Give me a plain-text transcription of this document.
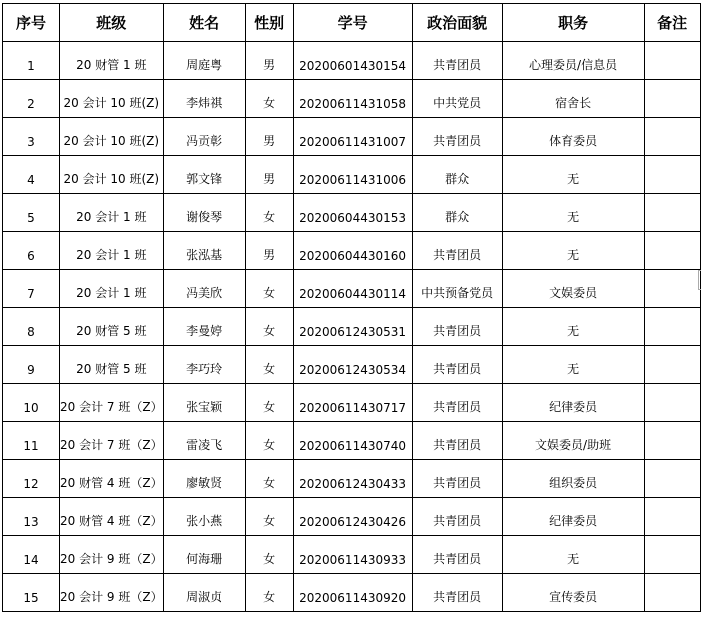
序号	班级	姓名	性别	学号	政治面貌	职务	备注
1	20 财管 1 班	周庭粤	男	20200601430154	共青团员	心理委员/信息员	
2	20 会计 10 班(Z)	李炜祺	女	20200611431058	中共党员	宿舍长	
3	20 会计 10 班(Z)	冯贡彰	男	20200611431007	共青团员	体育委员	
4	20 会计 10 班(Z)	郭文锋	男	20200611431006	群众	无	
5	20 会计 1 班	谢俊琴	女	20200604430153	群众	无	
6	20 会计 1 班	张泓基	男	20200604430160	共青团员	无	
7	20 会计 1 班	冯美欣	女	20200604430114	中共预备党员	文娱委员	
8	20 财管 5 班	李曼婷	女	20200612430531	共青团员	无	
9	20 财管 5 班	李巧玲	女	20200612430534	共青团员	无	
10	20 会计 7 班（Z）	张宝颖	女	20200611430717	共青团员	纪律委员	
11	20 会计 7 班（Z）	雷凌飞	女	20200611430740	共青团员	文娱委员/助班	
12	20 财管 4 班（Z）	廖敏贤	女	20200612430433	共青团员	组织委员	
13	20 财管 4 班（Z）	张小燕	女	20200612430426	共青团员	纪律委员	
14	20 会计 9 班（Z）	何海珊	女	20200611430933	共青团员	无	
15	20 会计 9 班（Z）	周淑贞	女	20200611430920	共青团员	宣传委员	
